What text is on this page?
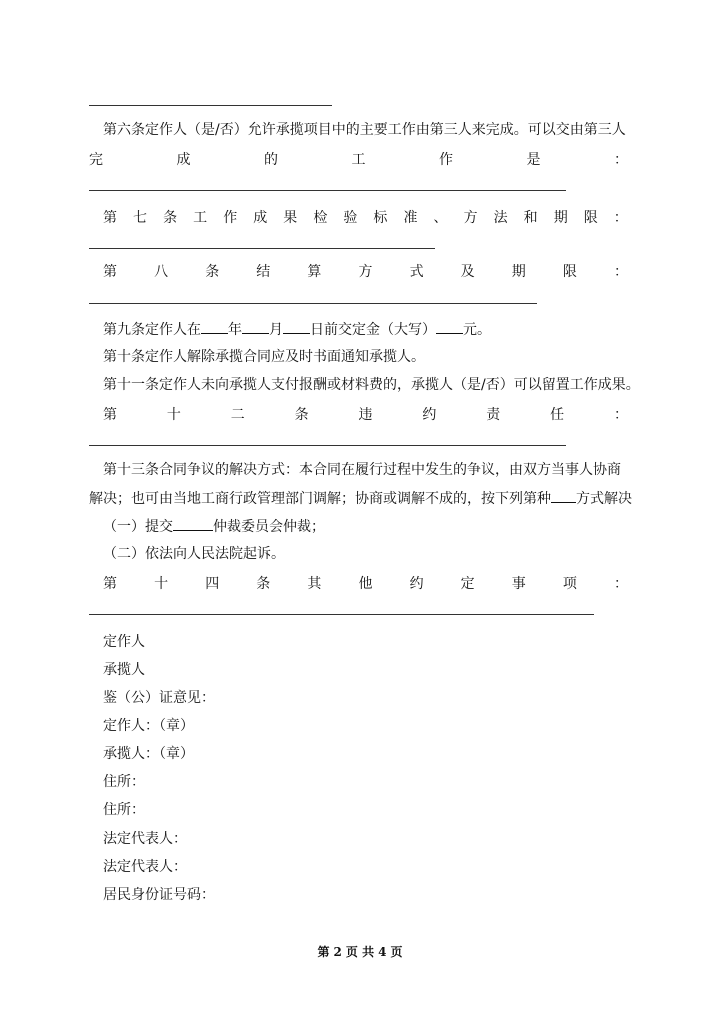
第六条定作人（是/否）允许承揽项目中的主要工作由第三人来完成。可以交由第三人
完	成	的	工	作	是	：
第 七 条 工 作 成 果 检 验 标 准 、 方 法 和 期 限 ：
第	八	条	结	算	方	式	及	期	限	：
第九条定作人在 年 月 日前交定金（大写） 元。
第十条定作人解除承揽合同应及时书面通知承揽人。
第十一条定作人未向承揽人支付报酬或材料费的，承揽人（是/否）可以留置工作成果。
第	十	二	条	违	约	责	任	：
第十三条合同争议的解决方式：本合同在履行过程中发生的争议，由双方当事人协商
解决；也可由当地工商行政管理部门调解；协商或调解不成的，按下列第种 方式解决
（一）提交	仲裁委员会仲裁；
（二）依法向人民法院起诉。
第	十	四	条	其	他	约	定	事	项	：
定作人
承揽人
鉴（公）证意见：
定作人：（章）
承揽人：（章）
住所：
住所：
法定代表人：
法定代表人：
居民身份证号码：
第 2 页 共 4 页
